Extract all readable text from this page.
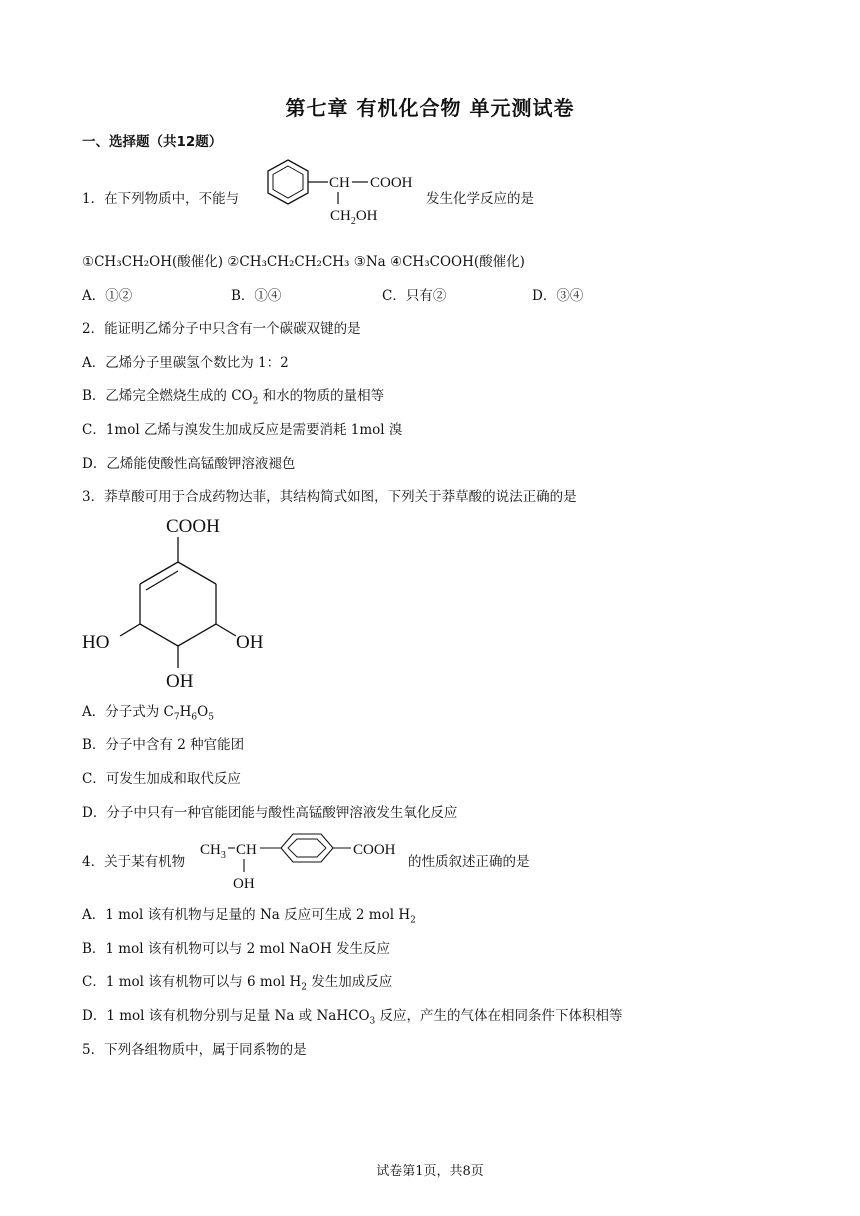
第七章 有机化合物 单元测试卷
一、选择题（共12题）
1．在下列物质中，不能与
CH COOH
$CH_2OH$
发生化学反应的是
①CH₃CH₂OH(酸催化) ②CH₃CH₂CH₂CH₃ ③Na ④CH₃COOH(酸催化)
A．①②	B．①④	C．只有②	D．③④
2．能证明乙烯分子中只含有一个碳碳双键的是
A．乙烯分子里碳氢个数比为 1：2
B．乙烯完全燃烧生成的 $CO_2$ 和水的物质的量相等
C．1mol 乙烯与溴发生加成反应是需要消耗 1mol 溴
D．乙烯能使酸性高锰酸钾溶液褪色
3．莽草酸可用于合成药物达菲，其结构简式如图，下列关于莽草酸的说法正确的是
COOH
HO	OH
OH
A．分子式为 $C_7H_6O_5$
B．分子中含有 2 种官能团
C．可发生加成和取代反应
D．分子中只有一种官能团能与酸性高锰酸钾溶液发生氧化反应
4．关于某有机物
$CH_3$ CH
OH
COOH
的性质叙述正确的是
A．1 mol 该有机物与足量的 Na 反应可生成 2 mol $H_2$
B．1 mol 该有机物可以与 2 mol NaOH 发生反应
C．1 mol 该有机物可以与 6 mol $H_2$ 发生加成反应
D．1 mol 该有机物分别与足量 Na 或 NaHCO$_3$ 反应，产生的气体在相同条件下体积相等
5．下列各组物质中，属于同系物的是
试卷第1页，共8页
